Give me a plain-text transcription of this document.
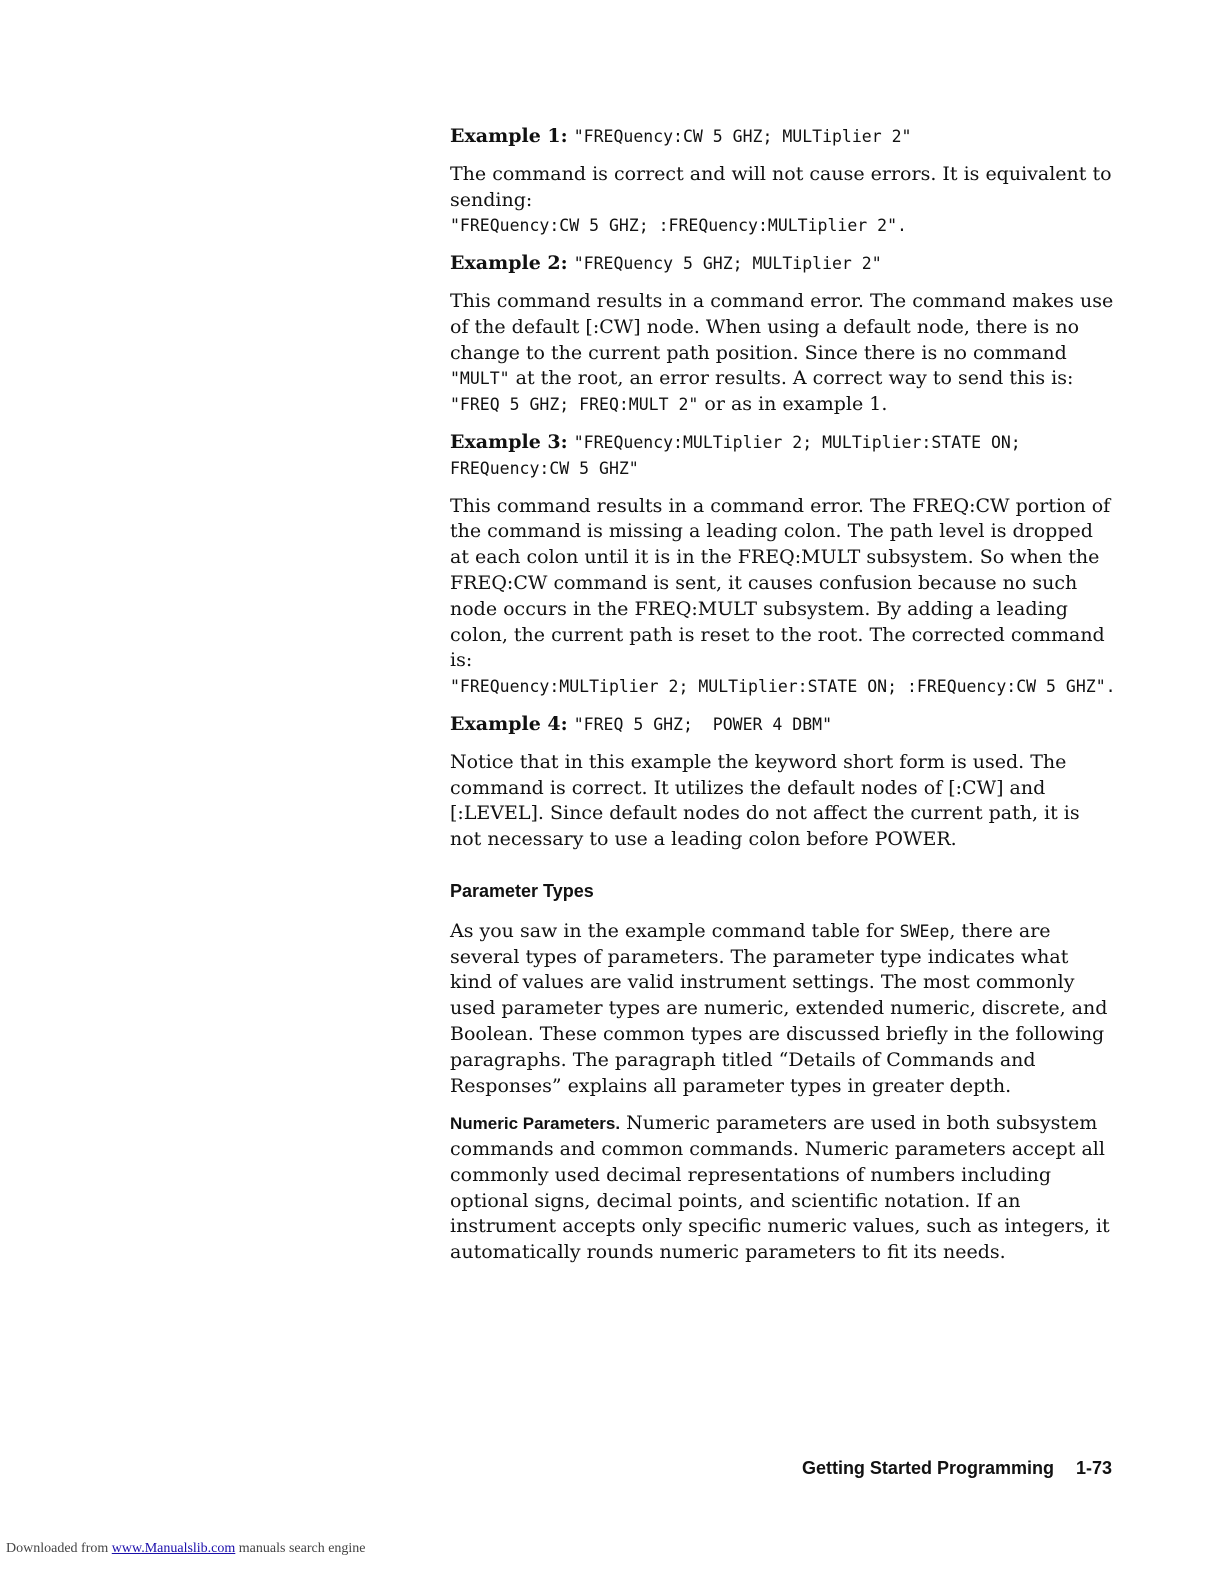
Example 1: "FREQuency:CW 5 GHZ; MULTiplier 2"
The command is correct and will not cause errors. It is equivalent to sending:
"FREQuency:CW 5 GHZ; :FREQuency:MULTiplier 2".
Example 2: "FREQuency 5 GHZ; MULTiplier 2"
This command results in a command error. The command makes use of the default [:CW] node. When using a default node, there is no change to the current path position. Since there is no command "MULT" at the root, an error results. A correct way to send this is: "FREQ 5 GHZ; FREQ:MULT 2" or as in example 1.
Example 3: "FREQuency:MULTiplier 2; MULTiplier:STATE ON; FREQuency:CW 5 GHZ"
This command results in a command error. The FREQ:CW portion of the command is missing a leading colon. The path level is dropped at each colon until it is in the FREQ:MULT subsystem. So when the FREQ:CW command is sent, it causes confusion because no such node occurs in the FREQ:MULT subsystem. By adding a leading colon, the current path is reset to the root. The corrected command is:
"FREQuency:MULTiplier 2; MULTiplier:STATE ON; :FREQuency:CW 5 GHZ".
Example 4: "FREQ 5 GHZ;  POWER 4 DBM"
Notice that in this example the keyword short form is used. The command is correct. It utilizes the default nodes of [:CW] and [:LEVEL]. Since default nodes do not affect the current path, it is not necessary to use a leading colon before POWER.
Parameter Types
As you saw in the example command table for SWEep, there are several types of parameters. The parameter type indicates what kind of values are valid instrument settings. The most commonly used parameter types are numeric, extended numeric, discrete, and Boolean. These common types are discussed briefly in the following paragraphs. The paragraph titled “Details of Commands and Responses” explains all parameter types in greater depth.
Numeric Parameters. Numeric parameters are used in both subsystem commands and common commands. Numeric parameters accept all commonly used decimal representations of numbers including optional signs, decimal points, and scientific notation. If an instrument accepts only specific numeric values, such as integers, it automatically rounds numeric parameters to fit its needs.
Getting Started Programming 1-73
Downloaded from www.Manualslib.com manuals search engine
